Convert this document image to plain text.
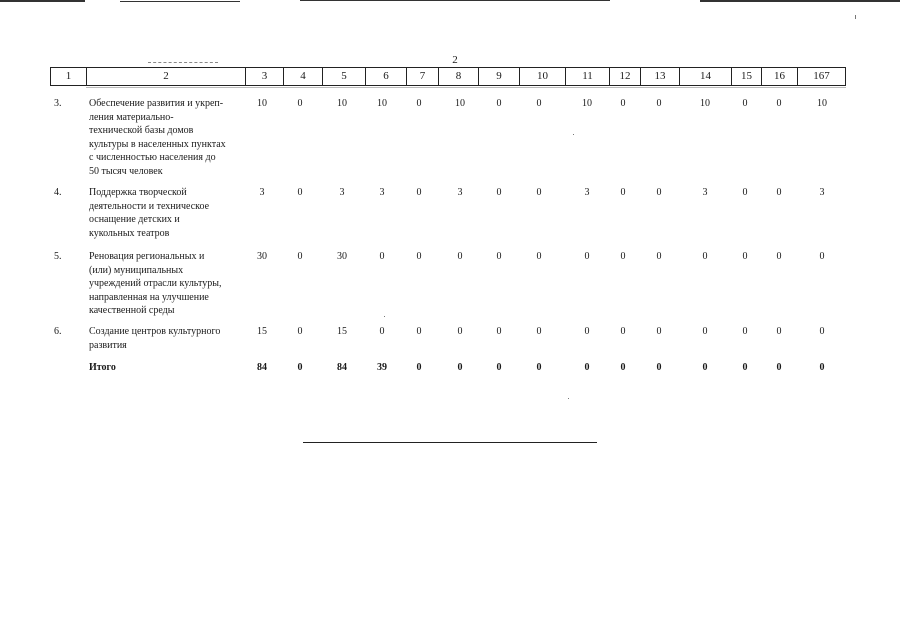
2
1	2	3	4	5	6	7	8	9	10	11	12	13	14	15	16	167
3.	Обеспечение развития и укреп-
ления материально-
технической базы домов
культуры в населенных пунктах
с численностью населения до
50 тысяч человек
10	0	10	10	0	10	0	0	10	0	0	10	0	0	10
4.	Поддержка творческой
деятельности и техническое
оснащение детских и
кукольных театров
3	0	3	3	0	3	0	0	3	0	0	3	0	0	3
5.	Реновация региональных и
(или) муниципальных
учреждений отрасли культуры,
направленная на улучшение
качественной среды
30	0	30	0	0	0	0	0	0	0	0	0	0	0	0
6.	Создание центров культурного
развития
15	0	15	0	0	0	0	0	0	0	0	0	0	0	0
Итого	84	0	84	39	0	0	0	0	0	0	0	0	0	0	0
